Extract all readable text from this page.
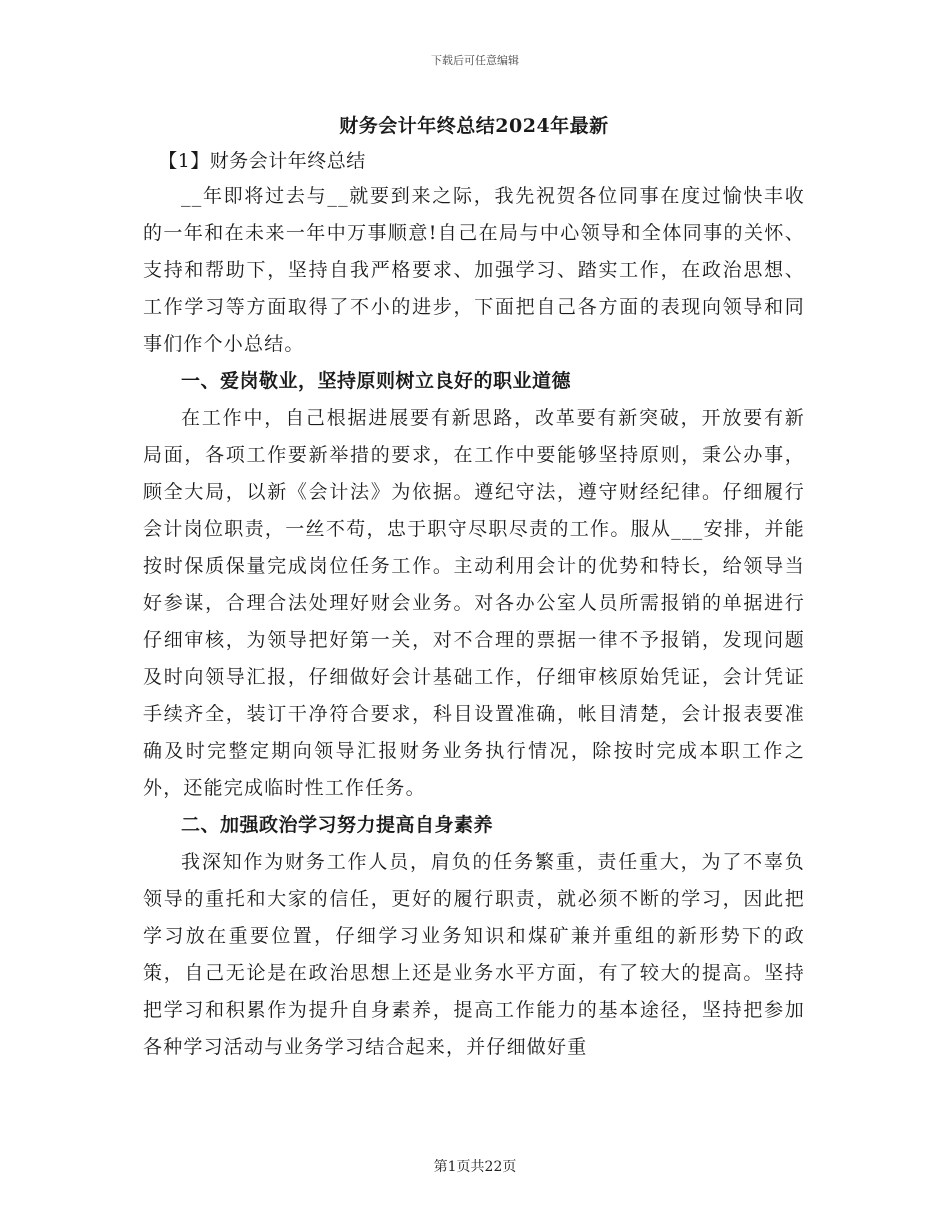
下载后可任意编辑
财务会计年终总结2024年最新

【1】财务会计年终总结

__年即将过去与__就要到来之际，我先祝贺各位同事在度过愉快丰收的一年和在未来一年中万事顺意!自己在局与中心领导和全体同事的关怀、支持和帮助下，坚持自我严格要求、加强学习、踏实工作，在政治思想、工作学习等方面取得了不小的进步，下面把自己各方面的表现向领导和同事们作个小总结。

一、爱岗敬业，坚持原则树立良好的职业道德

在工作中，自己根据进展要有新思路，改革要有新突破，开放要有新局面，各项工作要新举措的要求，在工作中要能够坚持原则，秉公办事，顾全大局，以新《会计法》为依据。遵纪守法，遵守财经纪律。仔细履行会计岗位职责，一丝不苟，忠于职守尽职尽责的工作。服从___安排，并能按时保质保量完成岗位任务工作。主动利用会计的优势和特长，给领导当好参谋，合理合法处理好财会业务。对各办公室人员所需报销的单据进行仔细审核，为领导把好第一关，对不合理的票据一律不予报销，发现问题及时向领导汇报，仔细做好会计基础工作，仔细审核原始凭证，会计凭证手续齐全，装订干净符合要求，科目设置准确，帐目清楚，会计报表要准确及时完整定期向领导汇报财务业务执行情况，除按时完成本职工作之外，还能完成临时性工作任务。

二、加强政治学习努力提高自身素养

我深知作为财务工作人员，肩负的任务繁重，责任重大，为了不辜负领导的重托和大家的信任，更好的履行职责，就必须不断的学习，因此把学习放在重要位置，仔细学习业务知识和煤矿兼并重组的新形势下的政策，自己无论是在政治思想上还是业务水平方面，有了较大的提高。坚持把学习和积累作为提升自身素养，提高工作能力的基本途径，坚持把参加各种学习活动与业务学习结合起来，并仔细做好重

第1页共22页
